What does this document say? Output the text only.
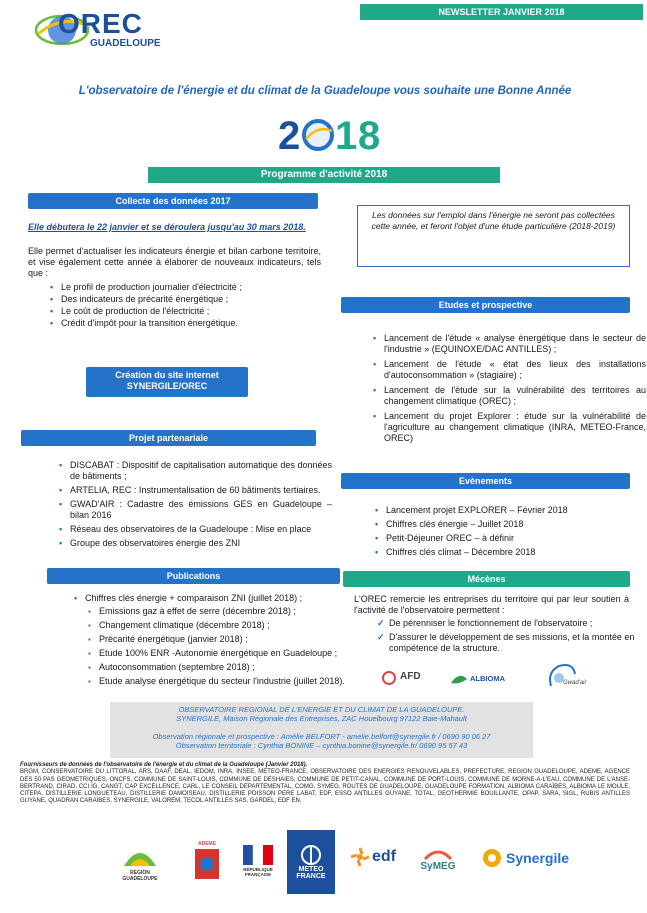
NEWSLETTER JANVIER 2018
OREC
GUADELOUPE
L'observatoire de l'énergie et du climat de la Guadeloupe vous souhaite une Bonne Année
2 1
8
Programme d'activité 2018
Collecte des données 2017
Elle débutera le 22 janvier et se déroulera jusqu'au 30 mars 2018.
Elle permet d'actualiser les indicateurs énergie et bilan carbone territoire, et vise également cette année à élaborer de nouveaux indicateurs, tels que :
• Le profil de production journalier d'électricité ;
• Des indicateurs de précarité énergétique ;
• Le coût de production de l'électricité ;
• Crédit d'impôt pour la transition énergétique.
Les données sur l'emploi dans l'énergie ne seront pas collectées cette année, et feront l'objet d'une étude particulière (2018-2019)
Création du site internet
SYNERGILE/OREC
Etudes et prospective
• Lancement de l'étude « analyse énergétique dans le secteur de l'industrie » (EQUINOXE/DAC ANTILLES) ;
• Lancement de l'étude « état des lieux des installations d'autoconsommation » (stagiaire) ;
• Lancement de l'étude sur la vulnérabilité des territoires au changement climatique (OREC) ;
• Lancement du projet Explorer : étude sur la vulnérabilité de l'agriculture au changement climatique (INRA, METEO-France, OREC)
Projet partenariale
• DISCABAT : Dispositif de capitalisation automatique des données de bâtiments ;
• ARTELIA, REC : Instrumentalisation de 60 bâtiments tertiaires.
• GWAD'AIR : Cadastre des émissions GES en Guadeloupe – bilan 2016
• Réseau des observatoires de la Guadeloupe : Mise en place
• Groupe des observatoires énergie des ZNI
Evènements
• Lancement projet EXPLORER – Février 2018
• Chiffres clés énergie – Juillet 2018
• Petit-Déjeuner OREC – à définir
• Chiffres clés climat – Décembre 2018
Publications
• Chiffres clés énergie + comparaison ZNI (juillet 2018) ;
▪ Emissions gaz à effet de serre (décembre 2018) ;
▪ Changement climatique (décembre 2018) ;
▪ Précarité énergétique (janvier 2018) ;
▪ Etude 100% ENR -Autonomie énergétique en Guadeloupe ;
▪ Autoconsommation (septembre 2018) ;
▪ Etude analyse énergétique du secteur l'industrie (juillet 2018).
Mécènes
L'OREC remercie les entreprises du territoire qui par leur soutien à l'activité de l'observatoire permettent :
✓ De pérenniser le fonctionnement de l'observatoire ;
✓ D'assurer le développement de ses missions, et la montée en compétence de la structure.
AFD	ALBIOMA	Gwad'air
OBSERVATOIRE REGIONAL DE L'ENERGIE ET DU CLIMAT DE LA GUADELOUPE.
SYNERGILE, Maison Régionale des Entreprises, ZAC Houelbourg 97122 Baie-Mahault
Observation régionale et prospective : Amélie BELFORT - amelie.belfort@synergile.fr / 0690 90 06 27
Observation territoriale : Cynthia BONINE – cynthia.bonine@synergile.fr/ 0690 95 57 43
Fournisseurs de données de l'observatoire de l'énergie et du climat de la Guadeloupe (Janvier 2018).
BRGM, CONSERVATOIRE DU LITTORAL, ARS, DAAF, DEAL, IEDOM, INRA, INSEE, METEO-FRANCE, OBSERVATOIRE DES ENERGIES RENOUVELABLES, PREFECTURE, REGION GUADELOUPE, ADEME, AGENCE DES 50 PAS GEOMETRIQUES, ONCFS, COMMUNE DE SAINT-LOUIS, COMMUNE DE DESHAIES, COMMUNE DE PETIT-CANAL, COMMUNE DE PORT-LOUIS, COMMUNE DE MORNE-A-L'EAU, COMMUNE DE L'ANSE-BERTRAND, CIRAD, CCI IG, CANGT, CAP EXCELLENCE, CARL, LE CONSEIL DEPARTEMENTAL, COMG, SYMEG, ROUTES DE GUADELOUPE, GUADELOUPE FORMATION, ALBIOMA CARAÏBES, ALBIOMA LE MOULE, CITEPA, DISTILLERIE LONGUETEAU, DISTILLERIE DAMOISEAU, DISTILLERIE POISSON PERE LABAT, EDF, ESSO ANTILLES GUYANE, TOTAL, GEOTHERMIE BOUILLANTE, OPAP, SARA, SIGL, RUBIS ANTILLES GUYANE, QUADRAN CARAÏBES, SYNERGILE, VALOREM, TECOL ANTILLES SAS, GARDEL, EDF EN.
REGION GUADELOUPE
ADEME
RÉPUBLIQUE FRANÇAISE
METEO FRANCE
edf
SyMEG	Synergile
